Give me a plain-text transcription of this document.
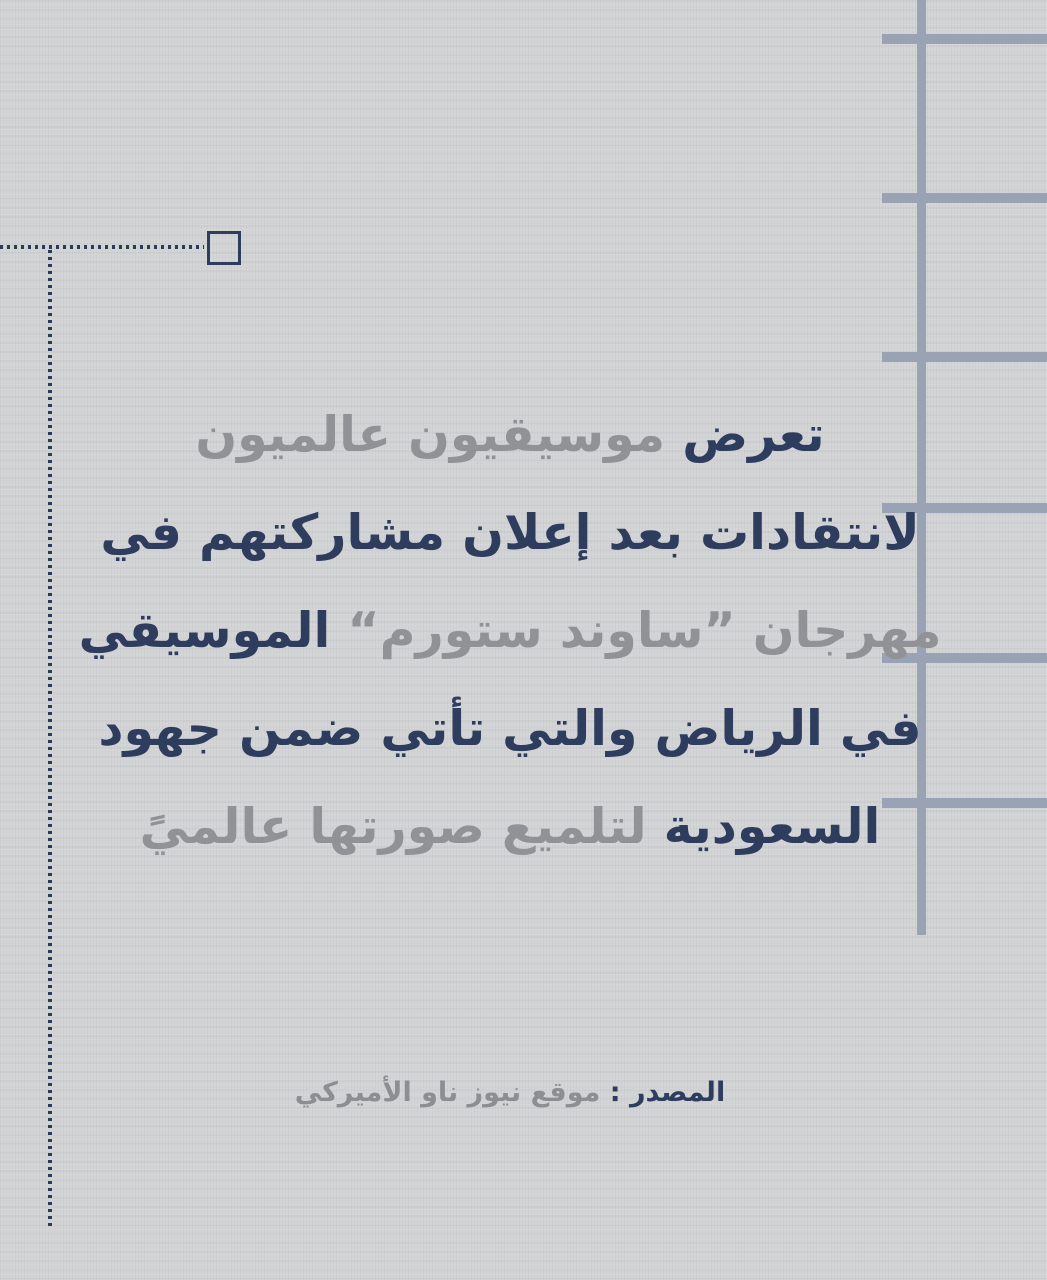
تعرض موسيقيون عالميون
لانتقادات بعد إعلان مشاركتهم في
مهرجان ”ساوند ستورم“ الموسيقي
في الرياض والتي تأتي ضمن جهود
السعودية لتلميع صورتها عالميً
المصدر : موقع نيوز ناو الأميركي
